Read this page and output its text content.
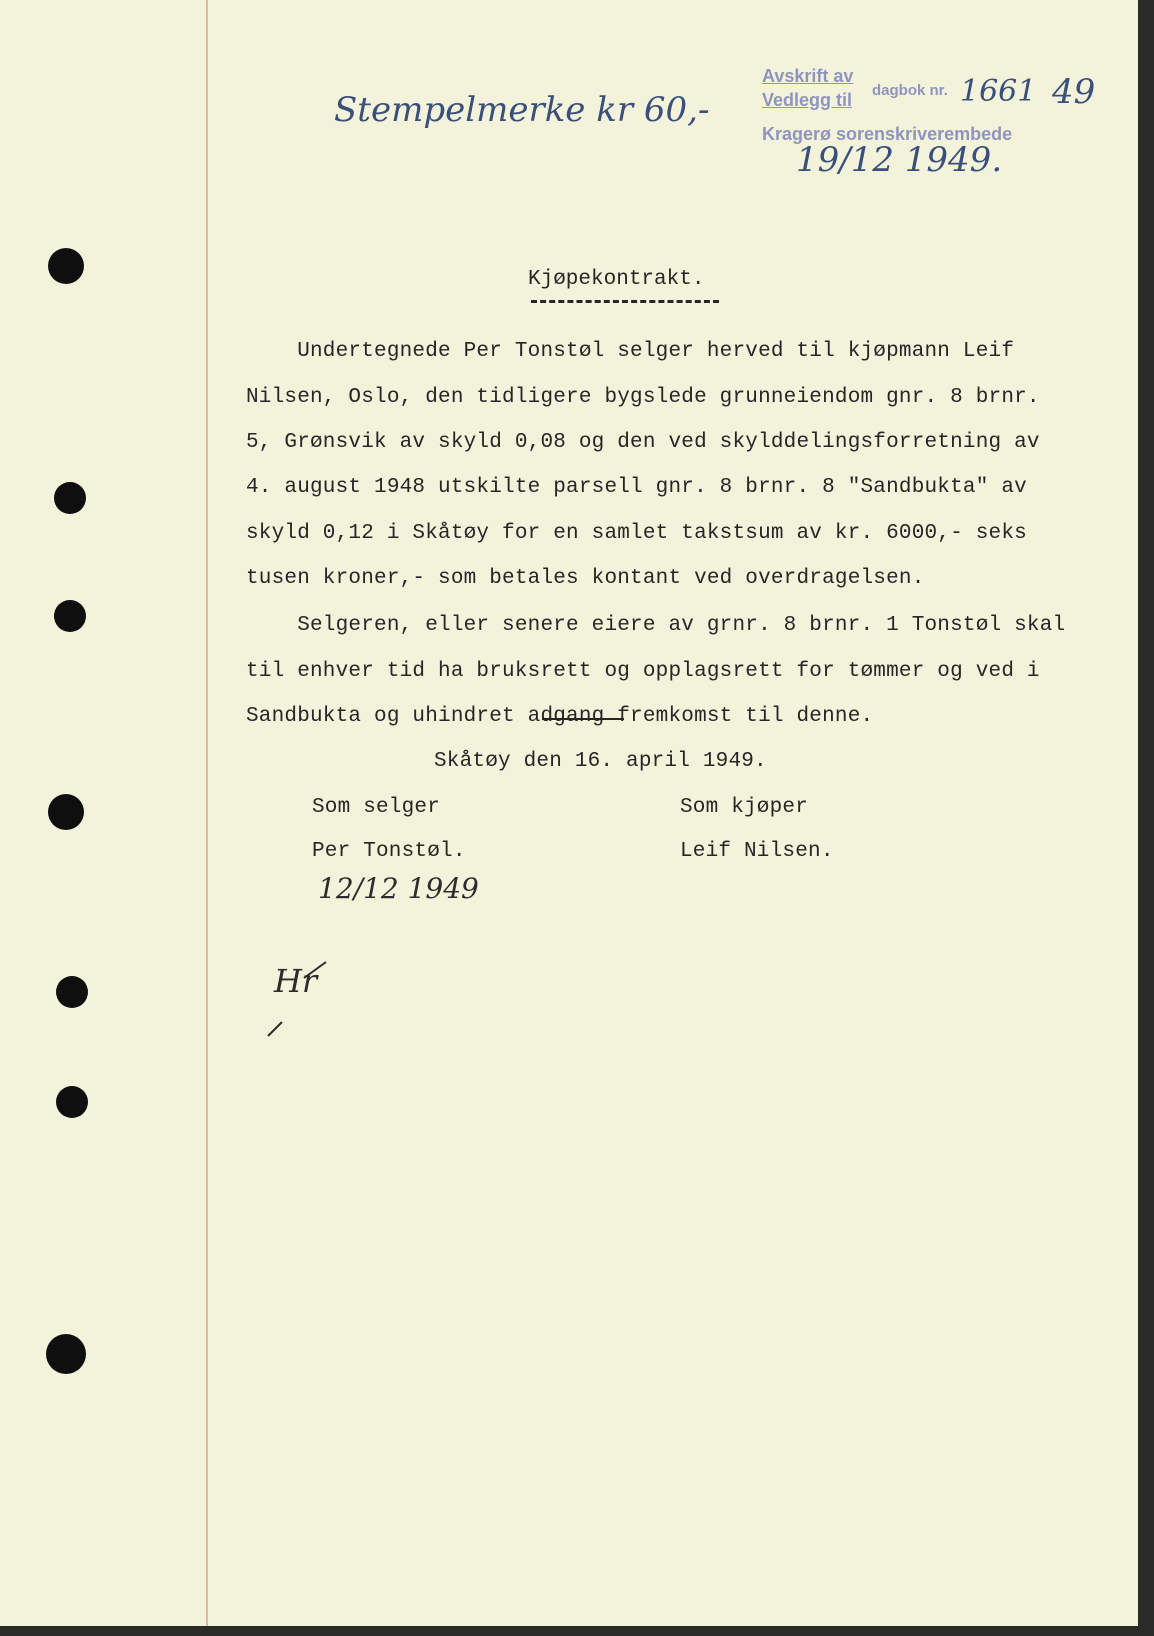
Stempelmerke kr 60,-
Avskrift av
Vedlegg til dagbok nr. 1661 49
Kragerø sorenskriverembede
19/12 1949.
Kjøpekontrakt.
Undertegnede Per Tonstøl selger herved til kjøpmann Leif
Nilsen, Oslo, den tidligere bygslede grunneiendom gnr. 8 brnr.
5, Grønsvik av skyld 0,08 og den ved skylddelingsforretning av
4. august 1948 utskilte parsell gnr. 8 brnr. 8 "Sandbukta" av
skyld 0,12 i Skåtøy for en samlet takstsum av kr. 6000,- seks
tusen kroner,- som betales kontant ved overdragelsen.
Selgeren, eller senere eiere av grnr. 8 brnr. 1 Tonstøl skal
til enhver tid ha bruksrett og opplagsrett for tømmer og ved i
Sandbukta og uhindret adgang fremkomst til denne.
Skåtøy den 16. april 1949.
Som selger	Som kjøper
Per Tonstøl.	Leif Nilsen.
12/12 1949
Hr
